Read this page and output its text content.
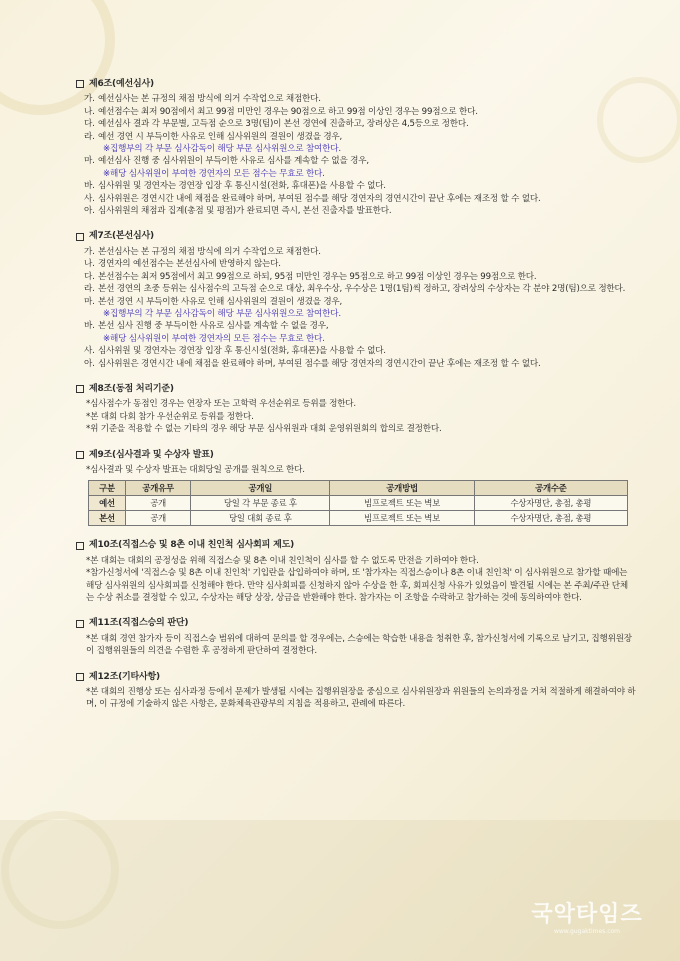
제6조(예선심사)
가. 예선심사는 본 규정의 채점 방식에 의거 수작업으로 채점한다.
나. 예선점수는 최저 90점에서 최고 99점 미만인 경우는 90점으로 하고 99점 이상인 경우는 99점으로 한다.
다. 예선심사 결과 각 부문별, 고득점 순으로 3명(팀)이 본선 경연에 진출하고, 장려상은 4,5등으로 정한다.
라. 예선 경연 시 부득이한 사유로 인해 심사위원의 결원이 생겼을 경우,
※집행부의 각 부문 심사감독이 해당 부문 심사위원으로 참여한다.
마. 예선심사 진행 중 심사위원이 부득이한 사유로 심사를 계속할 수 없을 경우,
※해당 심사위원이 부여한 경연자의 모든 점수는 무효로 한다.
바. 심사위원 및 경연자는 경연장 입장 후 통신시설(전화, 휴대폰)을 사용할 수 없다.
사. 심사위원은 경연시간 내에 채점을 완료해야 하며, 부여된 점수를 해당 경연자의 경연시간이 끝난 후에는 재조정 할 수 없다.
아. 심사위원의 채점과 집계(총점 및 평점)가 완료되면 즉시, 본선 진출자를 발표한다.
제7조(본선심사)
가. 본선심사는 본 규정의 채점 방식에 의거 수작업으로 채점한다.
나. 경연자의 예선점수는 본선심사에 반영하지 않는다.
다. 본선점수는 최저 95점에서 최고 99점으로 하되, 95점 미만인 경우는 95점으로 하고 99점 이상인 경우는 99점으로 한다.
라. 본선 경연의 초중 등위는 심사점수의 고득점 순으로 대상, 최우수상, 우수상은 1명(1팀)씩 정하고, 장려상의 수상자는 각 분야 2명(팀)으로 정한다.
마. 본선 경연 시 부득이한 사유로 인해 심사위원의 결원이 생겼을 경우,
※집행부의 각 부문 심사감독이 해당 부문 심사위원으로 참여한다.
바. 본선 심사 진행 중 부득이한 사유로 심사를 계속할 수 없을 경우,
※해당 심사위원이 부여한 경연자의 모든 점수는 무효로 한다.
사. 심사위원 및 경연자는 경연장 입장 후 통신시설(전화, 휴대폰)을 사용할 수 없다.
아. 심사위원은 경연시간 내에 채점을 완료해야 하며, 부여된 점수를 해당 경연자의 경연시간이 끝난 후에는 재조정 할 수 없다.
제8조(동점 처리기준)
*심사점수가 동점인 경우는 연장자 또는 고학력 우선순위로 등위를 정한다.
*본 대회 다회 참가 우선순위로 등위를 정한다.
*위 기준을 적용할 수 없는 기타의 경우 해당 부문 심사위원과 대회 운영위원회의 합의로 결정한다.
제9조(심사결과 및 수상자 발표)
*심사결과 및 수상자 발표는 대회당일 공개를 원칙으로 한다.
구분	공개유무	공개일	공개방법	공개수준
예선	공개	당일 각 부문 종료 후	빔프로젝트 또는 벽보	수상자명단, 총점, 총평
본선	공개	당일 대회 종료 후	빔프로젝트 또는 벽보	수상자명단, 총점, 총평
제10조(직접스승 및 8촌 이내 친인척 심사회피 제도)
*본 대회는 대회의 공정성을 위해 직접스승 및 8촌 이내 친인척이 심사를 할 수 없도록 만전을 기하여야 한다.
*참가신청서에 '직접스승 및 8촌 이내 친인척' 기입란을 삽입하여야 하며, 또 '참가자는 직접스승이나 8촌 이내 친인척' 이 심사위원으로 참가할 때에는 해당 심사위원의 심사회피를 신청해야 한다. 만약 심사회피를 신청하지 않아 수상을 한 후, 회피신청 사유가 있었음이 발견될 시에는 본 주최/주관 단체는 수상 취소를 결정할 수 있고, 수상자는 해당 상장, 상금을 반환해야 한다. 참가자는 이 조항을 수락하고 참가하는 것에 동의하여야 한다.
제11조(직접스승의 판단)
*본 대회 경연 참가자 등이 직접스승 범위에 대하여 문의를 할 경우에는, 스승에는 학습한 내용을 청취한 후, 참가신청서에 기록으로 남기고, 집행위원장이 집행위원들의 의견을 수렴한 후 공정하게 판단하여 결정한다.
제12조(기타사항)
*본 대회의 진행상 또는 심사과정 등에서 문제가 발생될 시에는 집행위원장을 중심으로 심사위원장과 위원들의 논의과정을 거쳐 적절하게 해결하여야 하며, 이 규정에 기술하지 않은 사항은, 문화체육관광부의 지침을 적용하고, 관례에 따른다.
국악타임즈
www.gugaktimes.com
